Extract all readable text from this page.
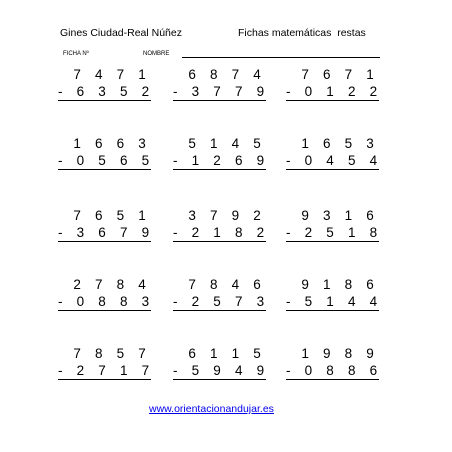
Gines Ciudad-Real Núñez	Fichas matemáticas  restas
FICHA Nº	NOMBRE
7 4 7 1
- 6 3 5 2
6 8 7 4
- 3 7 7 9
7 6 7 1
- 0 1 2 2
1 6 6 3
- 0 5 6 5
5 1 4 5
- 1 2 6 9
1 6 5 3
- 0 4 5 4
7 6 5 1
- 3 6 7 9
3 7 9 2
- 2 1 8 2
9 3 1 6
- 2 5 1 8
2 7 8 4
- 0 8 8 3
7 8 4 6
- 2 5 7 3
9 1 8 6
- 5 1 4 4
7 8 5 7
- 2 7 1 7
6 1 1 5
- 5 9 4 9
1 9 8 9
- 0 8 8 6
www.orientacionandujar.es
